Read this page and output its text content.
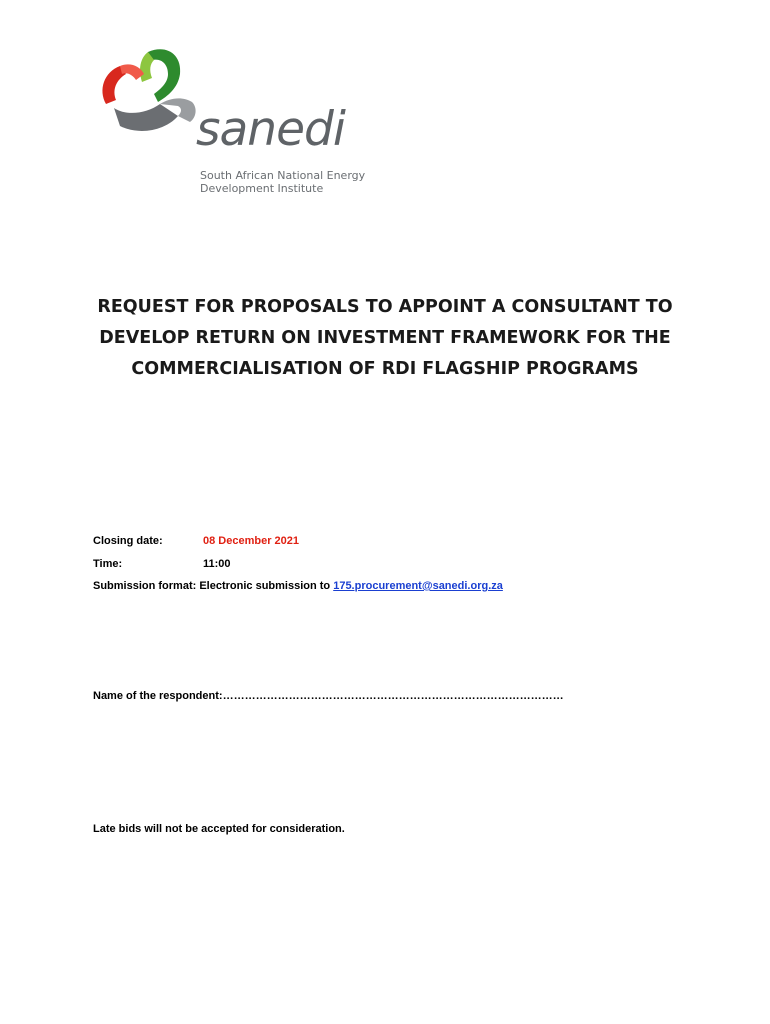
sanedi
South African National Energy
Development Institute
REQUEST FOR PROPOSALS TO APPOINT A CONSULTANT TO
DEVELOP RETURN ON INVESTMENT FRAMEWORK FOR THE
COMMERCIALISATION OF RDI FLAGSHIP PROGRAMS
Closing date:	08 December 2021
Time:	11:00
Submission format: Electronic submission to 175.procurement@sanedi.org.za
Name of the respondent:…………………………………………………………………………………
Late bids will not be accepted for consideration.
